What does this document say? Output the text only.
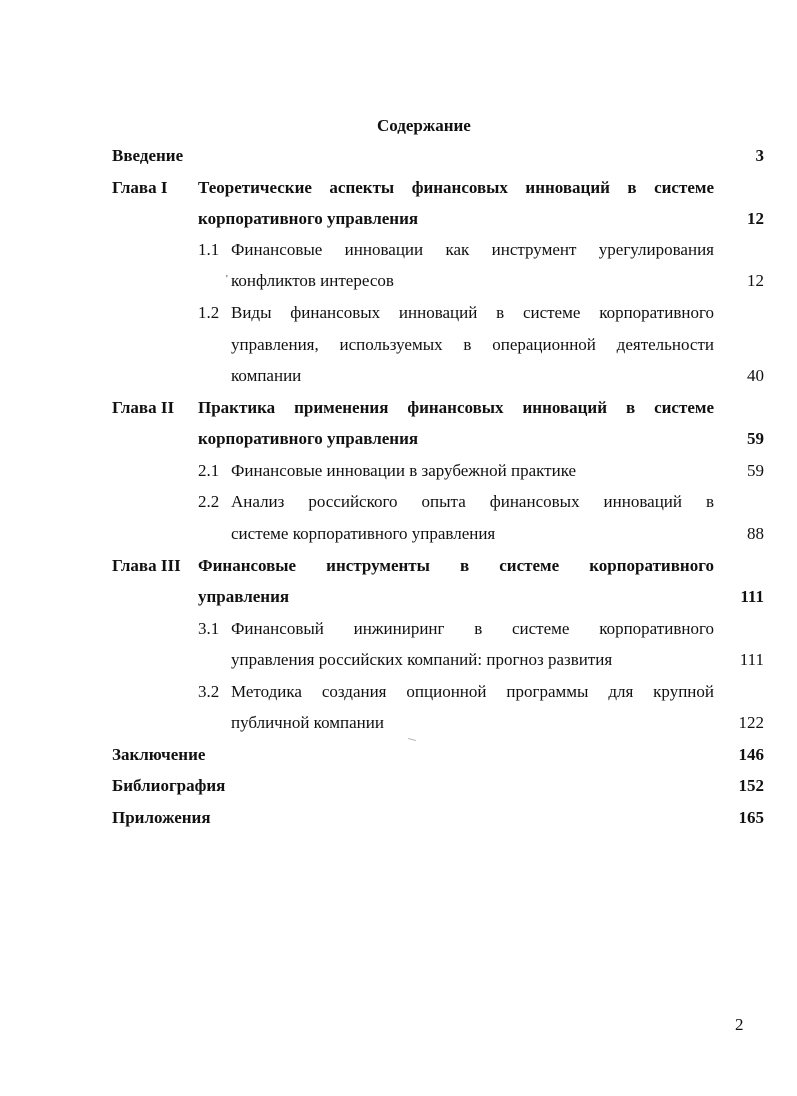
Содержание
Введение	3
Глава I Теоретические аспекты финансовых инноваций в системе
корпоративного управления	12
1.1 Финансовые инновации как инструмент урегулирования
' конфликтов интересов	12
1.2 Виды финансовых инноваций в системе корпоративного
управления, используемых в операционной деятельности
компании	40
Глава II Практика применения финансовых инноваций в системе
корпоративного управления	59
2.1 Финансовые инновации в зарубежной практике	59
2.2 Анализ российского опыта финансовых инноваций в
системе корпоративного управления	88
Глава III Финансовые инструменты в системе корпоративного
управления	111
3.1 Финансовый инжиниринг в системе корпоративного
управления российских компаний: прогноз развития	111
3.2 Методика создания опционной программы для крупной
публичной компании	122
Заключение	146
Библиография	152
Приложения	165
2
